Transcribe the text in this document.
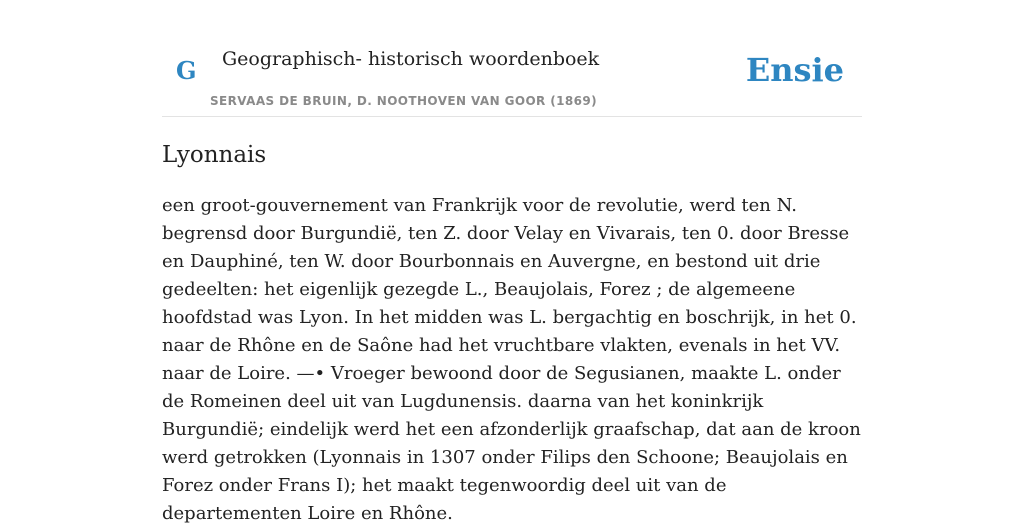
G Geographisch- historisch woordenboek
SERVAAS DE BRUIN, D. NOOTHOVEN VAN GOOR (1869)
Ensie
Lyonnais

een groot-gouvernement van Frankrijk voor de revolutie, werd ten N. begrensd door Burgundië, ten Z. door Velay en Vivarais, ten 0. door Bresse en Dauphiné, ten W. door Bourbonnais en Auvergne, en bestond uit drie gedeelten: het eigenlijk gezegde L., Beaujolais, Forez ; de algemeene hoofdstad was Lyon. In het midden was L. bergachtig en boschrijk, in het 0. naar de Rhône en de Saône had het vruchtbare vlakten, evenals in het VV. naar de Loire. —• Vroeger bewoond door de Segusianen, maakte L. onder de Romeinen deel uit van Lugdunensis. daarna van het koninkrijk Burgundië; eindelijk werd het een afzonderlijk graafschap, dat aan de kroon werd getrokken (Lyonnais in 1307 onder Filips den Schoone; Beaujolais en Forez onder Frans I); het maakt tegenwoordig deel uit van de departementen Loire en Rhône.
